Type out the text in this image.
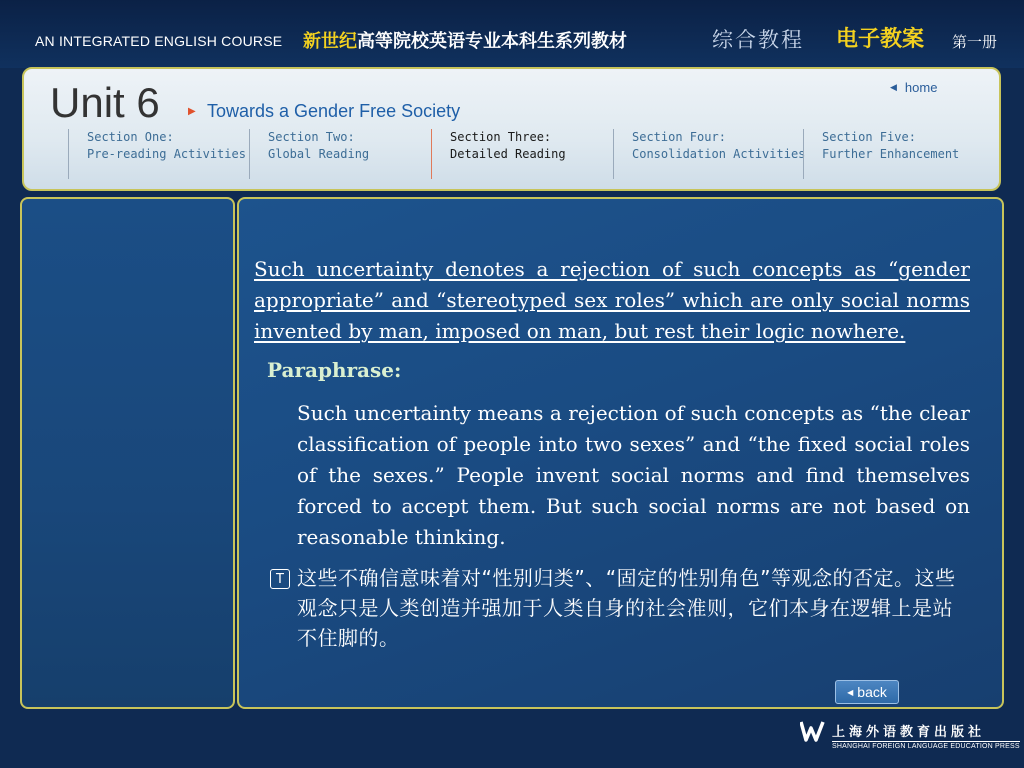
AN INTEGRATED ENGLISH COURSE 新世纪高等院校英语专业本科生系列教材	综合教程 电子教案 第一册
Unit 6	▶ Towards a Gender Free Society
◀ home
Section One:
Pre-reading Activities
Section Two:
Global Reading
Section Three:
Detailed Reading
Section Four:
Consolidation Activities
Section Five:
Further Enhancement
Such uncertainty denotes a rejection of such concepts as “gender appropriate” and “stereotyped sex roles” which are only social norms invented by man, imposed on man, but rest their logic nowhere.
Paraphrase:
Such uncertainty means a rejection of such concepts as “the clear classification of people into two sexes” and “the fixed social roles of the sexes.” People invent social norms and find themselves forced to accept them. But such social norms are not based on reasonable thinking.
T 这些不确信意味着对“性别归类”、“固定的性别角色”等观念的否定。这些观念只是人类创造并强加于人类自身的社会准则，它们本身在逻辑上是站不住脚的。
◀ back
上海外语教育出版社
SHANGHAI FOREIGN LANGUAGE EDUCATION PRESS
